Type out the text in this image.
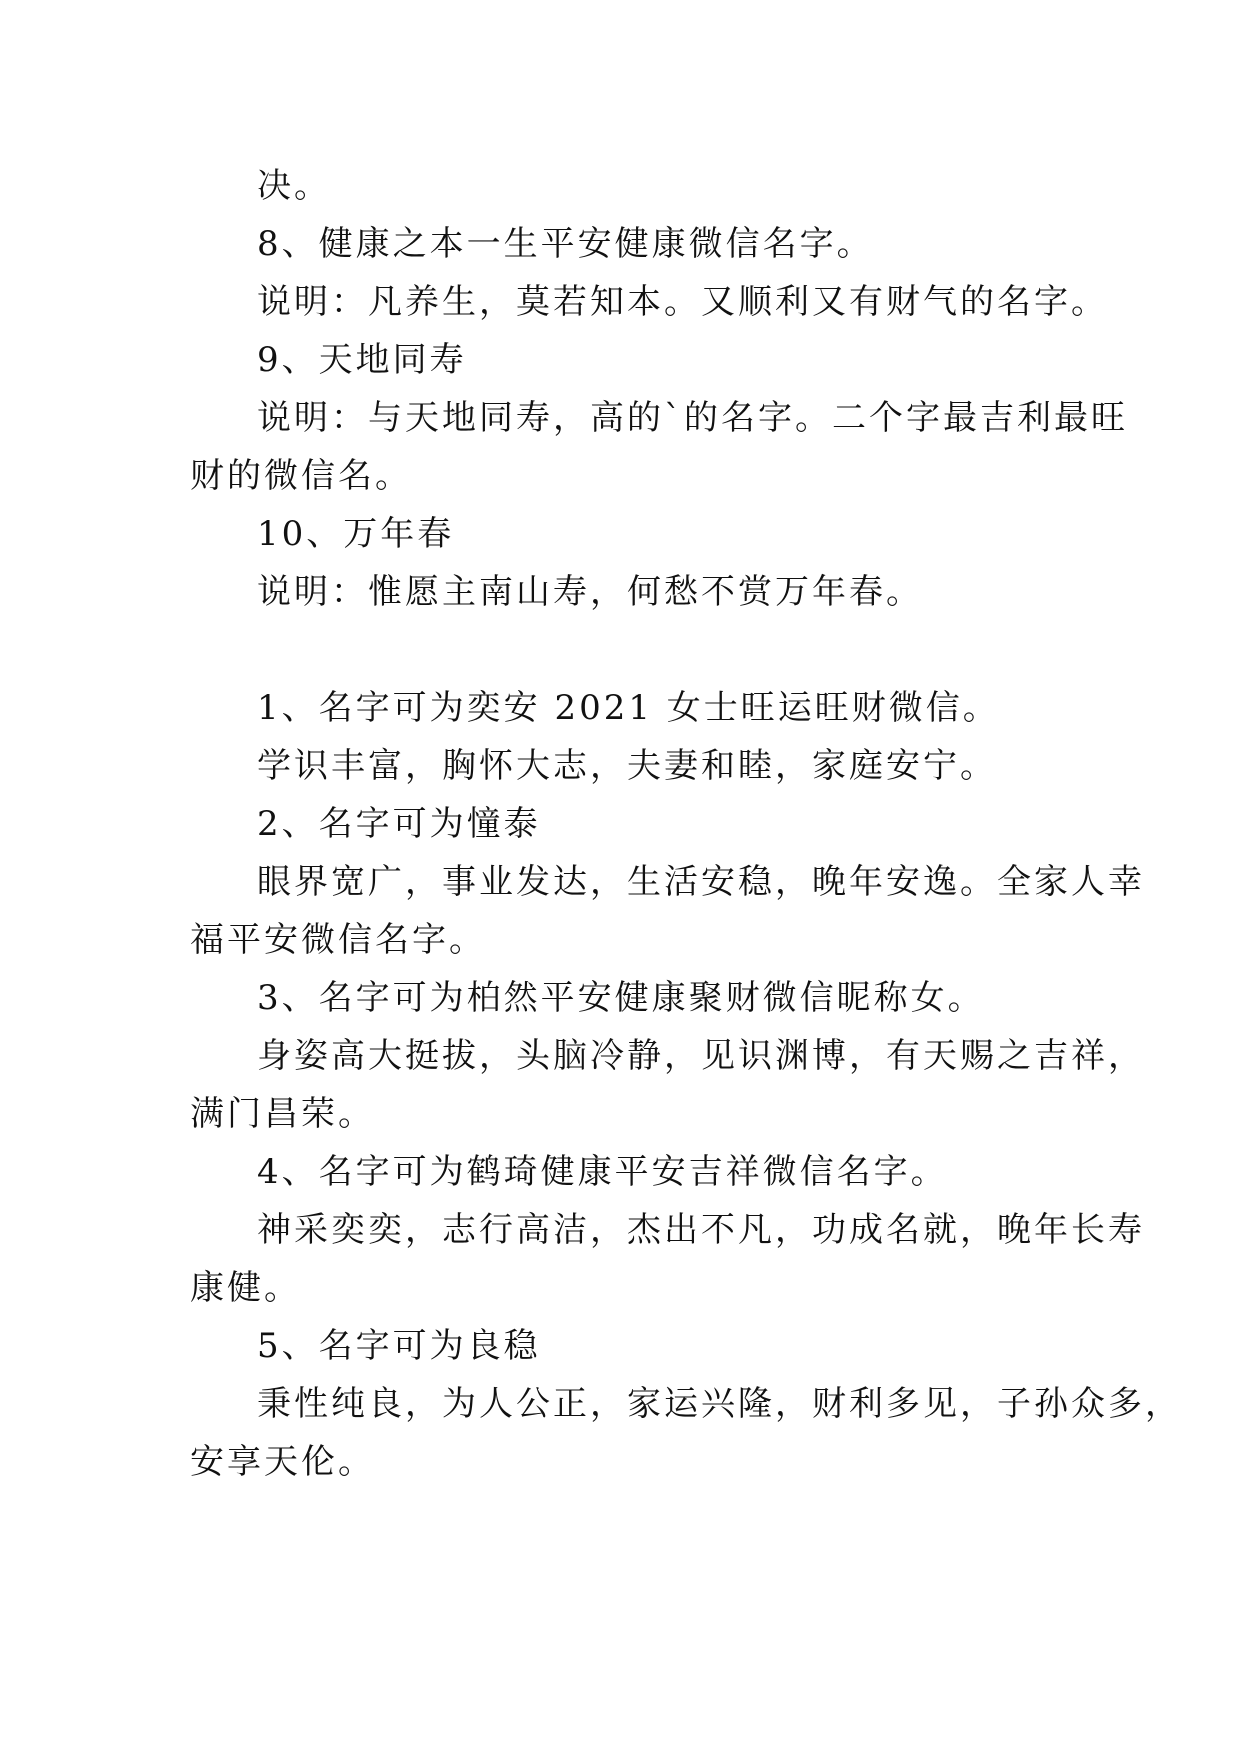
决。
8、健康之本一生平安健康微信名字。
说明：凡养生，莫若知本。又顺利又有财气的名字。
9、天地同寿
说明：与天地同寿，高的`的名字。二个字最吉利最旺
财的微信名。
10、万年春
说明：惟愿主南山寿，何愁不赏万年春。
1、名字可为奕安 2021 女士旺运旺财微信。
学识丰富，胸怀大志，夫妻和睦，家庭安宁。
2、名字可为憧泰
眼界宽广，事业发达，生活安稳，晚年安逸。全家人幸
福平安微信名字。
3、名字可为柏然平安健康聚财微信昵称女。
身姿高大挺拔，头脑冷静，见识渊博，有天赐之吉祥，
满门昌荣。
4、名字可为鹤琦健康平安吉祥微信名字。
神采奕奕，志行高洁，杰出不凡，功成名就，晚年长寿
康健。
5、名字可为良稳
秉性纯良，为人公正，家运兴隆，财利多见，子孙众多，
安享天伦。
